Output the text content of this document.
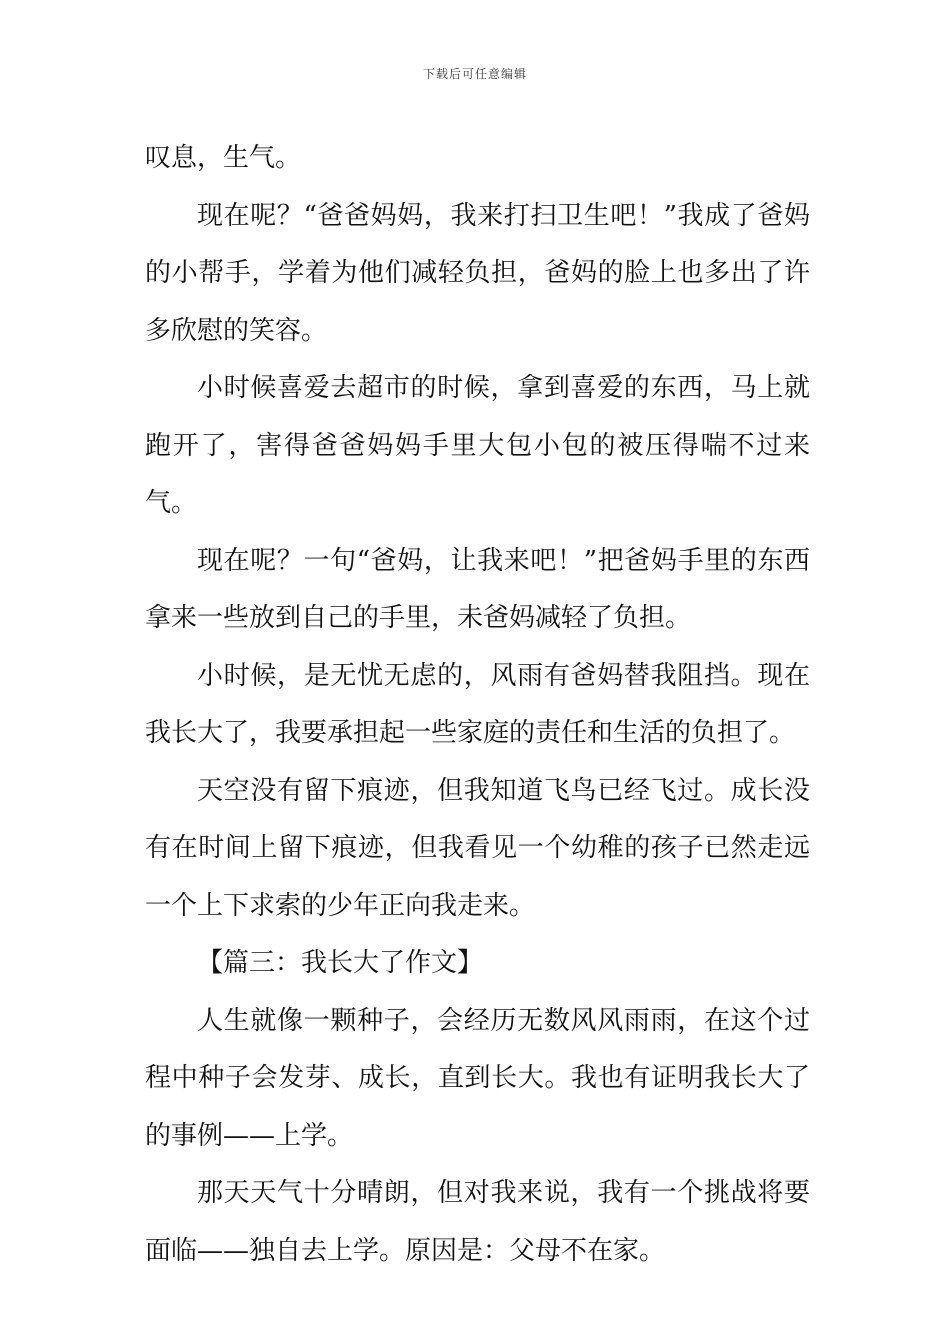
下载后可任意编辑

叹息，生气。

现在呢？“爸爸妈妈，我来打扫卫生吧！”我成了爸妈的小帮手，学着为他们减轻负担，爸妈的脸上也多出了许多欣慰的笑容。

小时候喜爱去超市的时候，拿到喜爱的东西，马上就跑开了，害得爸爸妈妈手里大包小包的被压得喘不过来气。

现在呢？一句“爸妈，让我来吧！”把爸妈手里的东西拿来一些放到自己的手里，未爸妈减轻了负担。

小时候，是无忧无虑的，风雨有爸妈替我阻挡。现在我长大了，我要承担起一些家庭的责任和生活的负担了。

天空没有留下痕迹，但我知道飞鸟已经飞过。成长没有在时间上留下痕迹，但我看见一个幼稚的孩子已然走远一个上下求索的少年正向我走来。

【篇三：我长大了作文】

人生就像一颗种子，会经历无数风风雨雨，在这个过程中种子会发芽、成长，直到长大。我也有证明我长大了的事例——上学。

那天天气十分晴朗，但对我来说，我有一个挑战将要面临——独自去上学。原因是：父母不在家。
